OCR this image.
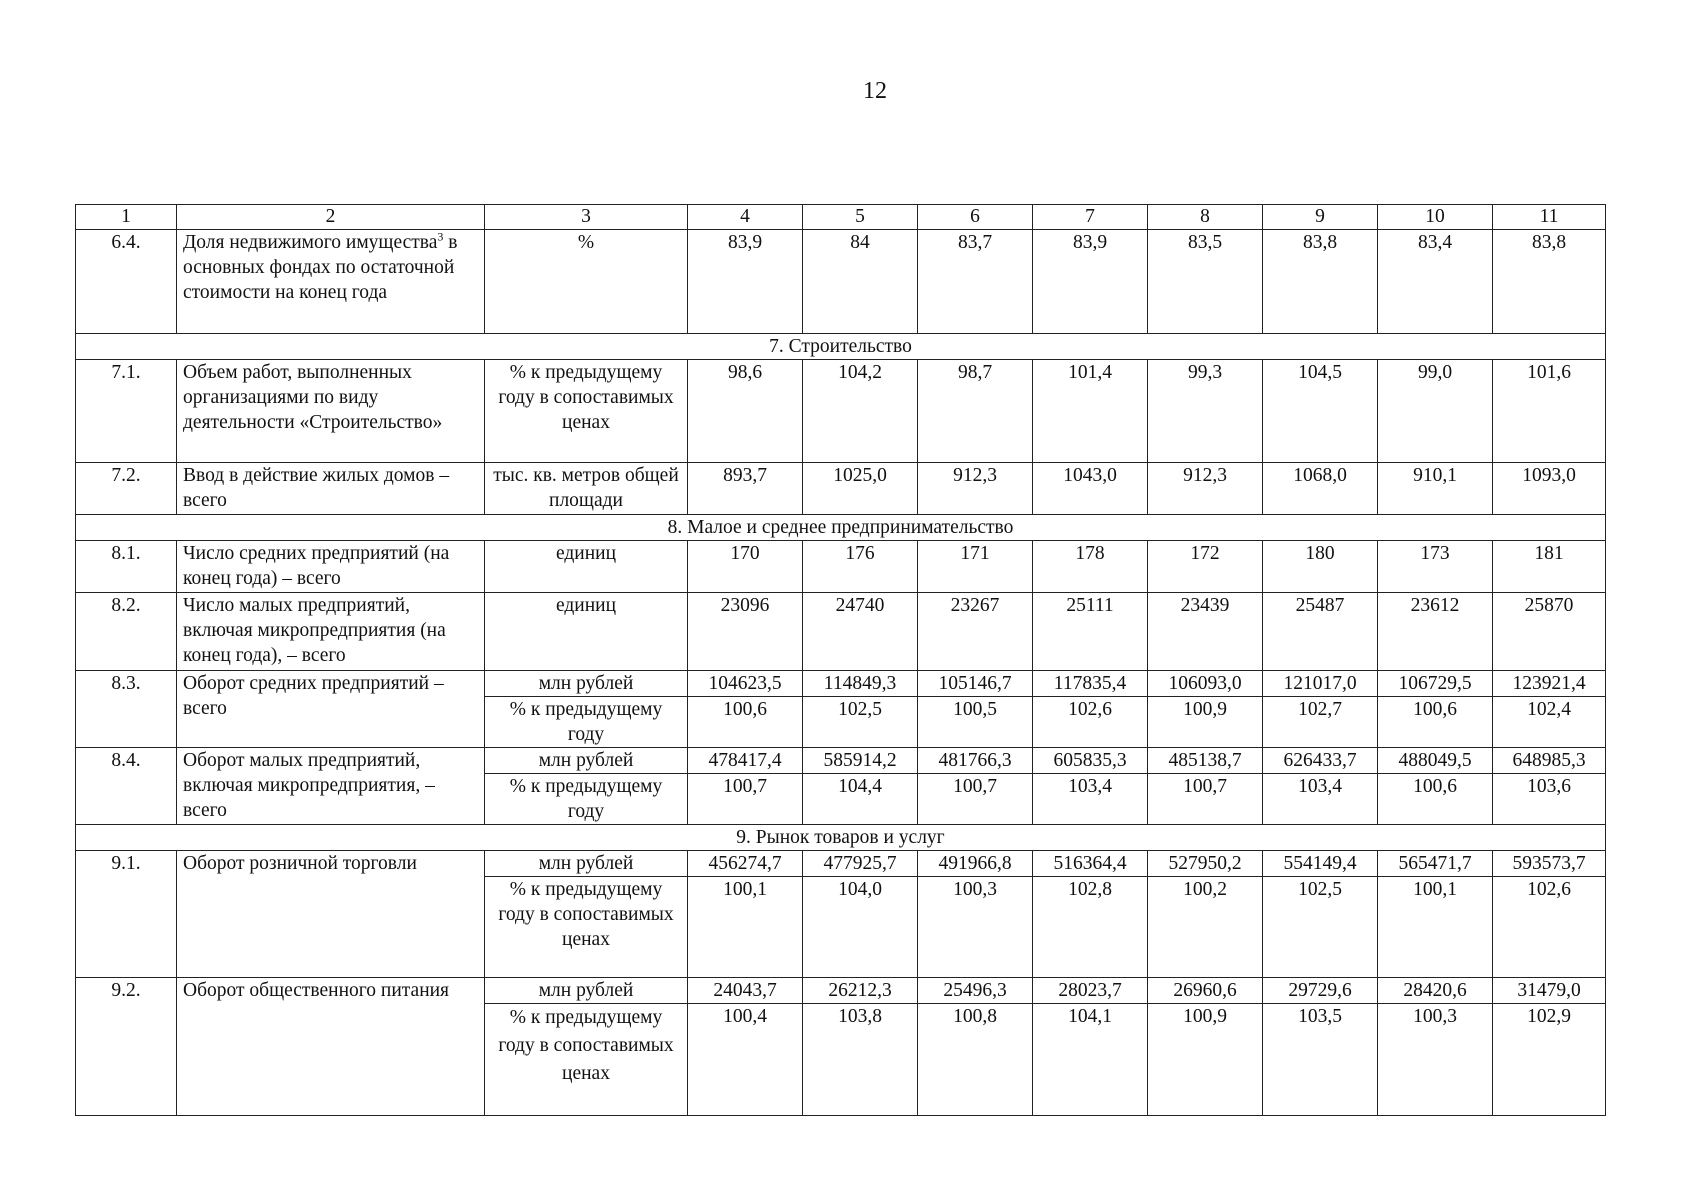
12
1	2	3	4	5	6	7	8	9	10	11
6.4.	Доля недвижимого имущества$^3$ в основных фондах по остаточной стоимости на конец года	%	83,9	84	83,7	83,9	83,5	83,8	83,4	83,8
7. Строительство										
7.1.	Объем работ, выполненных организациями по виду деятельности «Строительство»	% к предыдущему году в сопоставимых ценах	98,6	104,2	98,7	101,4	99,3	104,5	99,0	101,6
7.2.	Ввод в действие жилых домов – всего	тыс. кв. метров общей площади	893,7	1025,0	912,3	1043,0	912,3	1068,0	910,1	1093,0
8. Малое и среднее предпринимательство										
8.1.	Число средних предприятий (на конец года) – всего	единиц	170	176	171	178	172	180	173	181
8.2.	Число малых предприятий, включая микропредприятия (на конец года), – всего	единиц	23096	24740	23267	25111	23439	25487	23612	25870
8.3.	Оборот средних предприятий – всего	млн рублей	104623,5	114849,3	105146,7	117835,4	106093,0	121017,0	106729,5	123921,4
		% к предыдущему году	100,6	102,5	100,5	102,6	100,9	102,7	100,6	102,4
8.4.	Оборот малых предприятий, включая микропредприятия, – всего	млн рублей	478417,4	585914,2	481766,3	605835,3	485138,7	626433,7	488049,5	648985,3
		% к предыдущему году	100,7	104,4	100,7	103,4	100,7	103,4	100,6	103,6
9. Рынок товаров и услуг										
9.1.	Оборот розничной торговли	млн рублей	456274,7	477925,7	491966,8	516364,4	527950,2	554149,4	565471,7	593573,7
		% к предыдущему году в сопоставимых ценах	100,1	104,0	100,3	102,8	100,2	102,5	100,1	102,6
9.2.	Оборот общественного питания	млн рублей	24043,7	26212,3	25496,3	28023,7	26960,6	29729,6	28420,6	31479,0
		% к предыдущему году в сопоставимых ценах	100,4	103,8	100,8	104,1	100,9	103,5	100,3	102,9
